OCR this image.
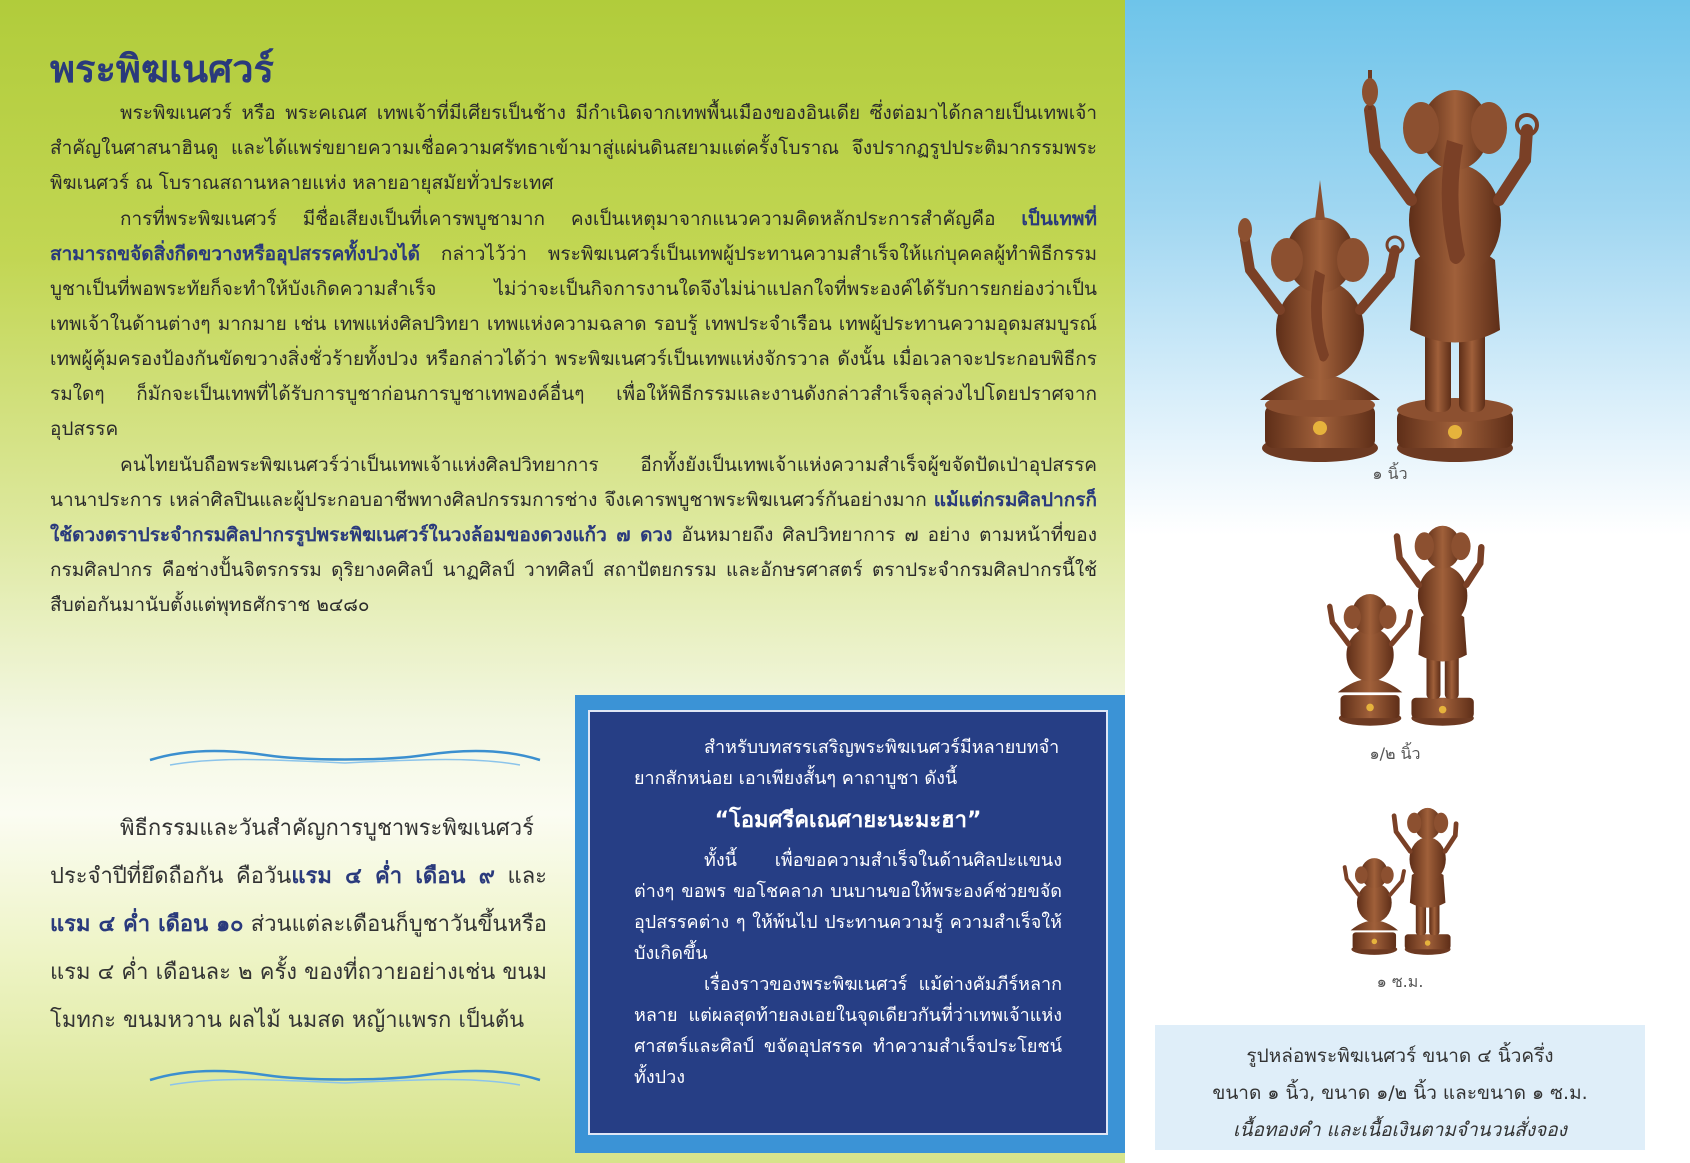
พระพิฆเนศวร์

พระพิฆเนศวร์ หรือ พระคเณศ เทพเจ้าที่มีเศียรเป็นช้าง มีกำเนิดจากเทพพื้นเมืองของอินเดีย ซึ่งต่อมาได้กลายเป็นเทพเจ้าสำคัญในศาสนาฮินดู และได้แพร่ขยายความเชื่อความศรัทธาเข้ามาสู่แผ่นดินสยามแต่ครั้งโบราณ จึงปรากฏรูปประติมากรรมพระพิฆเนศวร์ ณ โบราณสถานหลายแห่ง หลายอายุสมัยทั่วประเทศ

การที่พระพิฆเนศวร์ มีชื่อเสียงเป็นที่เคารพบูชามาก คงเป็นเหตุมาจากแนวความคิดหลักประการสำคัญคือ เป็นเทพที่สามารถขจัดสิ่งกีดขวางหรืออุปสรรคทั้งปวงได้ กล่าวไว้ว่า พระพิฆเนศวร์เป็นเทพผู้ประทานความสำเร็จให้แก่บุคคลผู้ทำพิธีกรรมบูชาเป็นที่พอพระทัยก็จะทำให้บังเกิดความสำเร็จ ไม่ว่าจะเป็นกิจการงานใดจึงไม่น่าแปลกใจที่พระองค์ได้รับการยกย่องว่าเป็นเทพเจ้าในด้านต่างๆ มากมาย เช่น เทพแห่งศิลปวิทยา เทพแห่งความฉลาด รอบรู้ เทพประจำเรือน เทพผู้ประทานความอุดมสมบูรณ์ เทพผู้คุ้มครองป้องกันขัดขวางสิ่งชั่วร้ายทั้งปวง หรือกล่าวได้ว่า พระพิฆเนศวร์เป็นเทพแห่งจักรวาล ดังนั้น เมื่อเวลาจะประกอบพิธีกรรมใดๆ ก็มักจะเป็นเทพที่ได้รับการบูชาก่อนการบูชาเทพองค์อื่นๆ เพื่อให้พิธีกรรมและงานดังกล่าวสำเร็จลุล่วงไปโดยปราศจากอุปสรรค

คนไทยนับถือพระพิฆเนศวร์ว่าเป็นเทพเจ้าแห่งศิลปวิทยาการ อีกทั้งยังเป็นเทพเจ้าแห่งความสำเร็จผู้ขจัดปัดเป่าอุปสรรคนานาประการ เหล่าศิลปินและผู้ประกอบอาชีพทางศิลปกรรมการช่าง จึงเคารพบูชาพระพิฆเนศวร์กันอย่างมาก แม้แต่กรมศิลปากรก็ใช้ดวงตราประจำกรมศิลปากรรูปพระพิฆเนศวร์ในวงล้อมของดวงแก้ว ๗ ดวง อันหมายถึง ศิลปวิทยาการ ๗ อย่าง ตามหน้าที่ของกรมศิลปากร คือช่างปั้นจิตรกรรม ดุริยางคศิลป์ นาฏศิลป์ วาทศิลป์ สถาปัตยกรรม และอักษรศาสตร์ ตราประจำกรมศิลปากรนี้ใช้สืบต่อกันมานับตั้งแต่พุทธศักราช ๒๔๘๐

พิธีกรรมและวันสำคัญการบูชาพระพิฆเนศวร์ประจำปีที่ยึดถือกัน คือวันแรม ๔ ค่ำ เดือน ๙ และ แรม ๔ ค่ำ เดือน ๑๐ ส่วนแต่ละเดือนก็บูชาวันขึ้นหรือแรม ๔ ค่ำ เดือนละ ๒ ครั้ง ของที่ถวายอย่างเช่น ขนมโมทกะ ขนมหวาน ผลไม้ นมสด หญ้าแพรก เป็นต้น

สำหรับบทสรรเสริญพระพิฆเนศวร์มีหลายบทจำยากสักหน่อย เอาเพียงสั้นๆ คาถาบูชา ดังนี้

“โอมศรีคเณศายะนะมะฮา”

ทั้งนี้ เพื่อขอความสำเร็จในด้านศิลปะแขนงต่างๆ ขอพร ขอโชคลาภ บนบานขอให้พระองค์ช่วยขจัดอุปสรรคต่าง ๆ ให้พ้นไป ประทานความรู้ ความสำเร็จให้บังเกิดขึ้น

เรื่องราวของพระพิฆเนศวร์ แม้ต่างคัมภีร์หลากหลาย แต่ผลสุดท้ายลงเอยในจุดเดียวกันที่ว่าเทพเจ้าแห่งศาสตร์และศิลป์ ขจัดอุปสรรค ทำความสำเร็จประโยชน์ทั้งปวง

๑ นิ้ว
๑/๒ นิ้ว
๑ ซ.ม.
รูปหล่อพระพิฆเนศวร์ ขนาด ๔ นิ้วครึ่ง
ขนาด ๑ นิ้ว, ขนาด ๑/๒ นิ้ว และขนาด ๑ ซ.ม.
เนื้อทองคำ และเนื้อเงินตามจำนวนสั่งจอง
